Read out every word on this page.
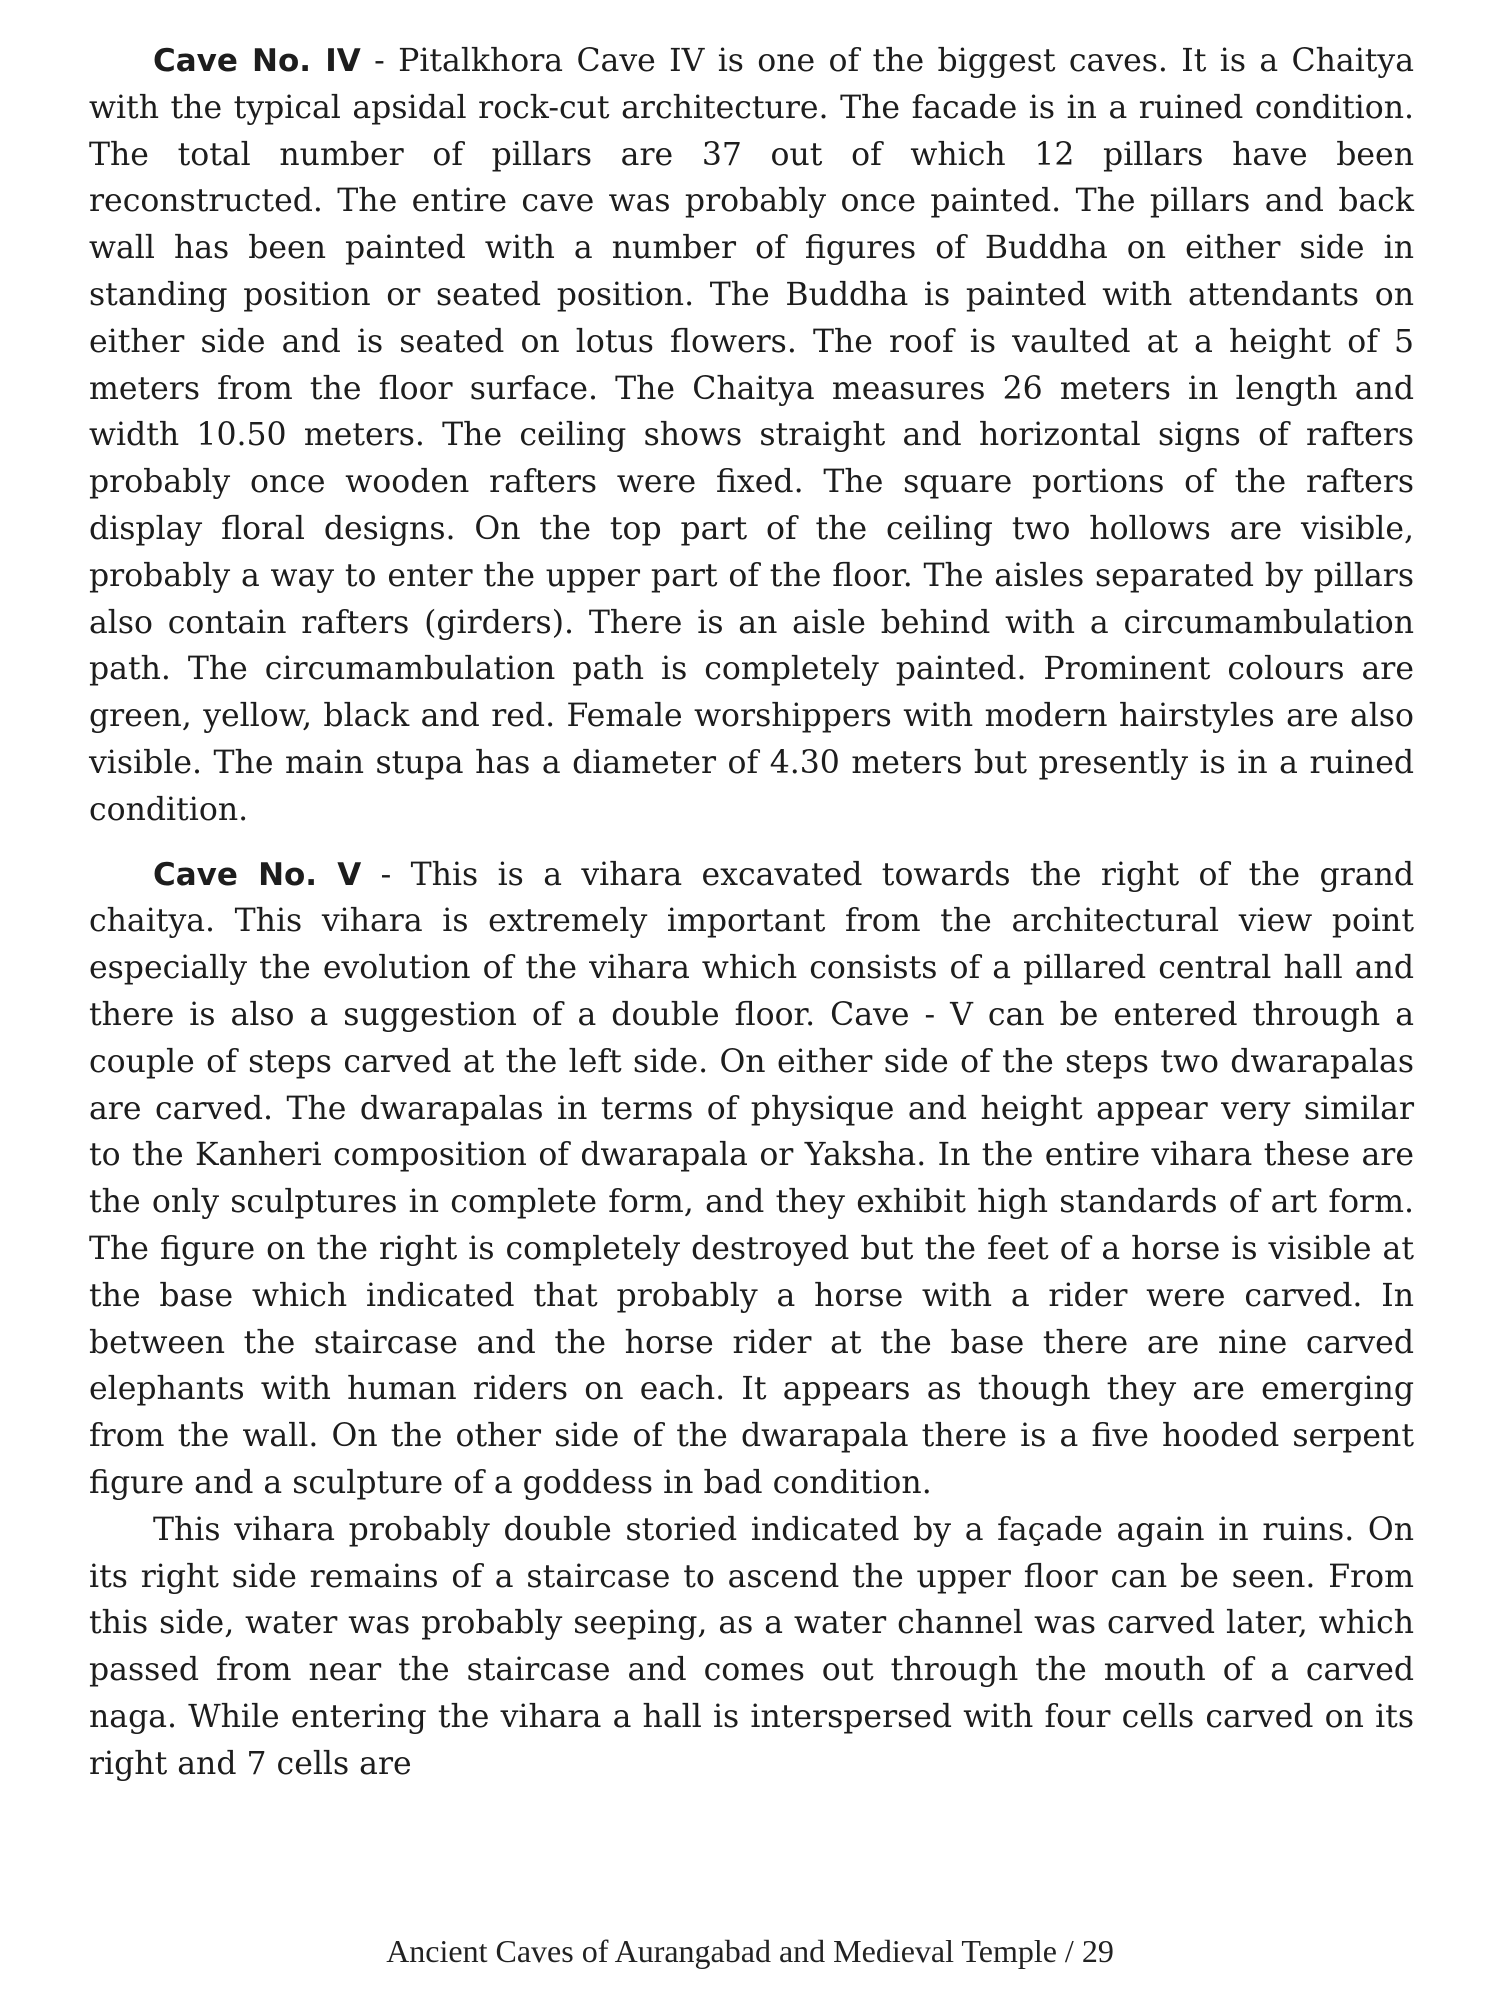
Cave No. IV - Pitalkhora Cave IV is one of the biggest caves. It is a Chaitya with the typical apsidal rock-cut architecture. The facade is in a ruined condition. The total number of pillars are 37 out of which 12 pillars have been reconstructed. The entire cave was probably once painted. The pillars and back wall has been painted with a number of figures of Buddha on either side in standing position or seated position. The Buddha is painted with attendants on either side and is seated on lotus flowers. The roof is vaulted at a height of 5 meters from the floor surface. The Chaitya measures 26 meters in length and width 10.50 meters. The ceiling shows straight and horizontal signs of rafters probably once wooden rafters were fixed. The square portions of the rafters display floral designs. On the top part of the ceiling two hollows are visible, probably a way to enter the upper part of the floor. The aisles separated by pillars also contain rafters (girders). There is an aisle behind with a circumambulation path. The circumambulation path is completely painted. Prominent colours are green, yellow, black and red. Female worshippers with modern hairstyles are also visible. The main stupa has a diameter of 4.30 meters but presently is in a ruined condition.

Cave No. V - This is a vihara excavated towards the right of the grand chaitya. This vihara is extremely important from the architectural view point especially the evolution of the vihara which consists of a pillared central hall and there is also a suggestion of a double floor. Cave - V can be entered through a couple of steps carved at the left side. On either side of the steps two dwarapalas are carved. The dwarapalas in terms of physique and height appear very similar to the Kanheri composition of dwarapala or Yaksha. In the entire vihara these are the only sculptures in complete form, and they exhibit high standards of art form. The figure on the right is completely destroyed but the feet of a horse is visible at the base which indicated that probably a horse with a rider were carved. In between the staircase and the horse rider at the base there are nine carved elephants with human riders on each. It appears as though they are emerging from the wall. On the other side of the dwarapala there is a five hooded serpent figure and a sculpture of a goddess in bad condition.

This vihara probably double storied indicated by a façade again in ruins. On its right side remains of a staircase to ascend the upper floor can be seen. From this side, water was probably seeping, as a water channel was carved later, which passed from near the staircase and comes out through the mouth of a carved naga. While entering the vihara a hall is interspersed with four cells carved on its right and 7 cells are

Ancient Caves of Aurangabad and Medieval Temple / 29
